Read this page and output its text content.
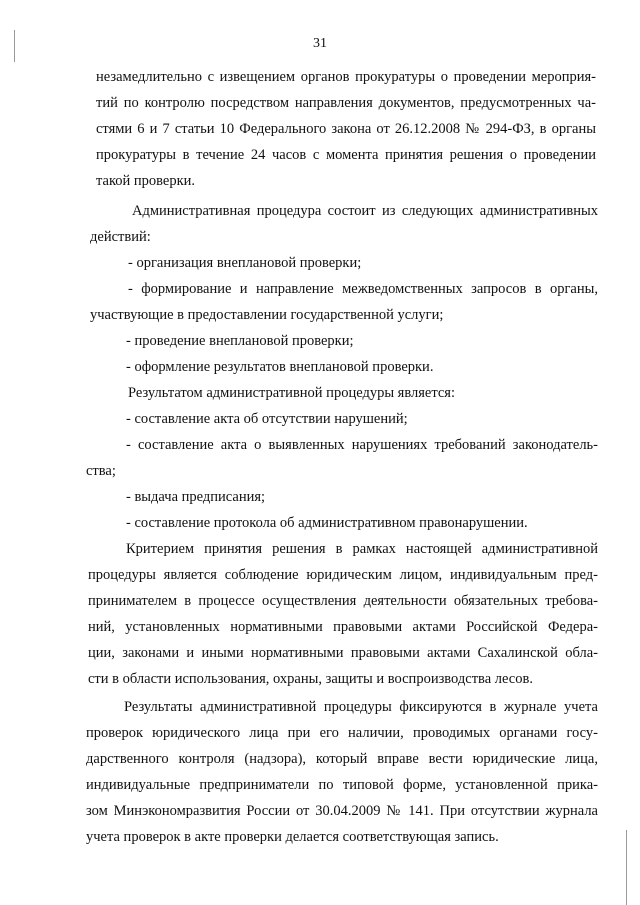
31
незамедлительно с извещением органов прокуратуры о проведении мероприя-
тий по контролю посредством направления документов, предусмотренных ча-
стями 6 и 7 статьи 10 Федерального закона от 26.12.2008 № 294-ФЗ, в органы
прокуратуры в течение 24 часов с момента принятия решения о проведении
такой проверки.
Административная процедура состоит из следующих административных
действий:
- организация внеплановой проверки;
- формирование и направление межведомственных запросов в органы,
участвующие в предоставлении государственной услуги;
- проведение внеплановой проверки;
- оформление результатов внеплановой проверки.
Результатом административной процедуры является:
- составление акта об отсутствии нарушений;
- составление акта о выявленных нарушениях требований законодатель-
ства;
- выдача предписания;
- составление протокола об административном правонарушении.
Критерием принятия решения в рамках настоящей административной
процедуры является соблюдение юридическим лицом, индивидуальным пред-
принимателем в процессе осуществления деятельности обязательных требова-
ний, установленных нормативными правовыми актами Российской Федера-
ции, законами и иными нормативными правовыми актами Сахалинской обла-
сти в области использования, охраны, защиты и воспроизводства лесов.
Результаты административной процедуры фиксируются в журнале учета
проверок юридического лица при его наличии, проводимых органами госу-
дарственного контроля (надзора), который вправе вести юридические лица,
индивидуальные предприниматели по типовой форме, установленной прика-
зом Минэкономразвития России от 30.04.2009 № 141. При отсутствии журнала
учета проверок в акте проверки делается соответствующая запись.
